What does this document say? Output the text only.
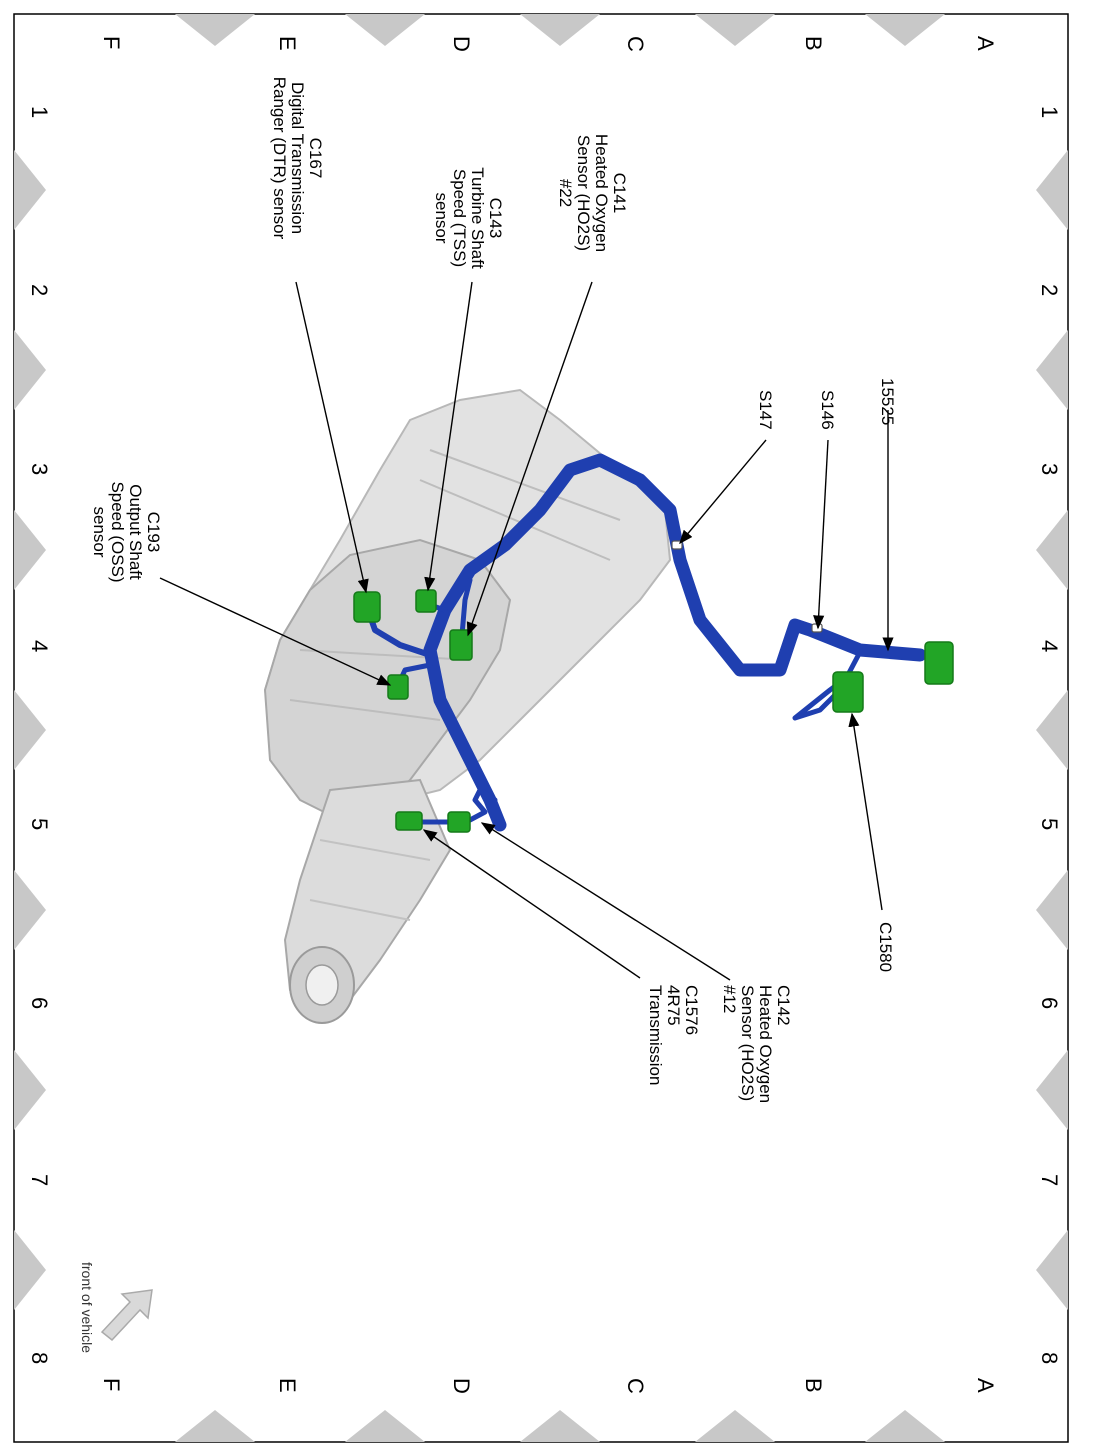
A
B
C
D
E
F
A
B
C
D
E
F
1
2
3
4
5
6
7
8
1
2
3
4
5
6
7
8
C141
Heated Oxygen
Sensor (HO2S)
#22
C143
Turbine Shaft
Speed (TSS)
sensor
C167
Digital Transmission
Ranger (DTR) sensor
C193
Output Shaft
Speed (OSS)
sensor
C142
Heated Oxygen
Sensor (HO2S)
#12
C1576
4R75
Transmission
C1580
15525
S146
S147
front of vehicle
